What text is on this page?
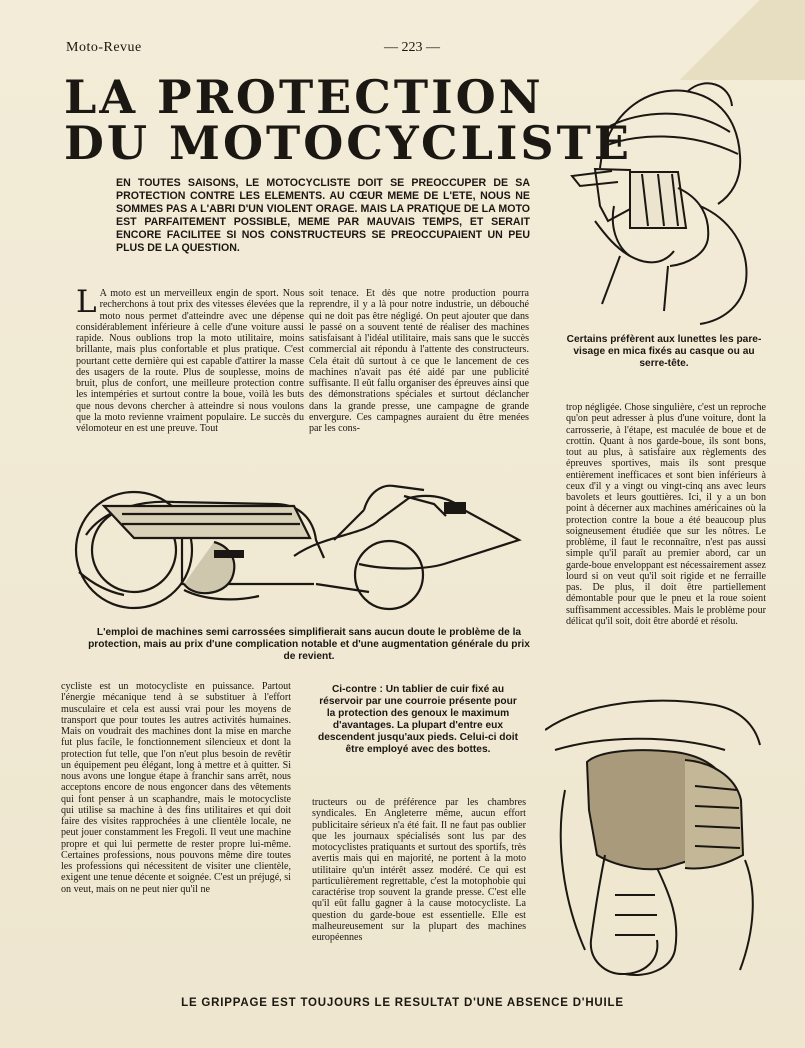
Moto-Revue	— 223 —
LA PROTECTION
DU MOTOCYCLISTE
EN TOUTES SAISONS, LE MOTOCYCLISTE DOIT SE PREOCCUPER DE SA PROTECTION CONTRE LES ELEMENTS. AU CŒUR MEME DE L'ETE, NOUS NE SOMMES PAS A L'ABRI D'UN VIOLENT ORAGE. MAIS LA PRATIQUE DE LA MOTO EST PARFAITEMENT POSSIBLE, MEME PAR MAUVAIS TEMPS, ET SERAIT ENCORE FACILITEE SI NOS CONSTRUCTEURS SE PREOCCUPAIENT UN PEU PLUS DE LA QUESTION.
L A moto est un merveilleux engin de sport. Nous recherchons à tout prix des vitesses élevées que la moto nous permet d'atteindre avec une dépense considérablement inférieure à celle d'une voiture aussi rapide. Nous oublions trop la moto utilitaire, moins brillante, mais plus confortable et plus pratique. C'est pourtant cette dernière qui est capable d'attirer la masse des usagers de la route. Plus de souplesse, moins de bruit, plus de confort, une meilleure protection contre les intempéries et surtout contre la boue, voilà les buts que nous devons chercher à atteindre si nous voulons que la moto revienne vraiment populaire. Le succès du vélomoteur en est une preuve. Tout
soit tenace. Et dès que notre production pourra reprendre, il y a là pour notre industrie, un débouché qui ne doit pas être négligé. On peut ajouter que dans le passé on a souvent tenté de réaliser des machines satisfaisant à l'idéal utilitaire, mais sans que le succès commercial ait répondu à l'attente des constructeurs. Cela était dû surtout à ce que le lancement de ces machines n'avait pas été aidé par une publicité suffisante. Il eût fallu organiser des épreuves ainsi que des démonstrations spéciales et surtout déclancher dans la grande presse, une campagne de grande envergure. Ces campagnes auraient du être menées par les cons-
trop négligée. Chose singulière, c'est un reproche qu'on peut adresser à plus d'une voiture, dont la carrosserie, à l'étape, est maculée de boue et de crottin. Quant à nos garde-boue, ils sont bons, tout au plus, à satisfaire aux règlements des épreuves sportives, mais ils sont presque entièrement inefficaces et sont bien inférieurs à ceux d'il y a vingt ou vingt-cinq ans avec leurs bavolets et leurs gouttières. Ici, il y a un bon point à décerner aux machines américaines où la protection contre la boue a été beaucoup plus soigneusement étudiée que sur les nôtres. Le problème, il faut le reconnaître, n'est pas aussi simple qu'il paraît au premier abord, car un garde-boue enveloppant est nécessairement assez lourd si on veut qu'il soit rigide et ne ferraille pas. De plus, il doit être partiellement démontable pour que le pneu et la roue soient suffisamment accessibles. Mais le problème pour délicat qu'il soit, doit être abordé et résolu.
cycliste est un motocycliste en puissance. Partout l'énergie mécanique tend à se substituer à l'effort musculaire et cela est aussi vrai pour les moyens de transport que pour toutes les autres activités humaines. Mais on voudrait des machines dont la mise en marche fut plus facile, le fonctionnement silencieux et dont la protection fut telle, que l'on n'eut plus besoin de revêtir un équipement peu élégant, long à mettre et à quitter. Si nous avons une longue étape à franchir sans arrêt, nous acceptons encore de nous engoncer dans des vêtements qui font penser à un scaphandre, mais le motocycliste qui utilise sa machine à des fins utilitaires et qui doit faire des visites rapprochées à une clientèle locale, ne peut jouer constamment les Fregoli. Il veut une machine propre et qui lui permette de rester propre lui-même. Certaines professions, nous pouvons même dire toutes les professions qui nécessitent de visiter une clientèle, exigent une tenue décente et soignée. C'est un préjugé, si on veut, mais on ne peut nier qu'il ne
tructeurs ou de préférence par les chambres syndicales. En Angleterre même, aucun effort publicitaire sérieux n'a été fait. Il ne faut pas oublier que les journaux spécialisés sont lus par des motocyclistes pratiquants et surtout des sportifs, très avertis mais qui en majorité, ne portent à la moto utilitaire qu'un intérêt assez modéré. Ce qui est particulièrement regrettable, c'est la motophobie qui caractérise trop souvent la grande presse. C'est elle qu'il eût fallu gagner à la cause motocycliste. La question du garde-boue est essentielle. Elle est malheureusement sur la plupart des machines européennes
Certains préfèrent aux lunettes les pare-visage en mica fixés au casque ou au serre-tête.
L'emploi de machines semi carrossées simplifierait sans aucun doute le problème de la protection, mais au prix d'une complication notable et d'une augmentation générale du prix de revient.
Ci-contre : Un tablier de cuir fixé au réservoir par une courroie présente pour la protection des genoux le maximum d'avantages. La plupart d'entre eux descendent jusqu'aux pieds. Celui-ci doit être employé avec des bottes.
LE GRIPPAGE EST TOUJOURS LE RESULTAT D'UNE ABSENCE D'HUILE
